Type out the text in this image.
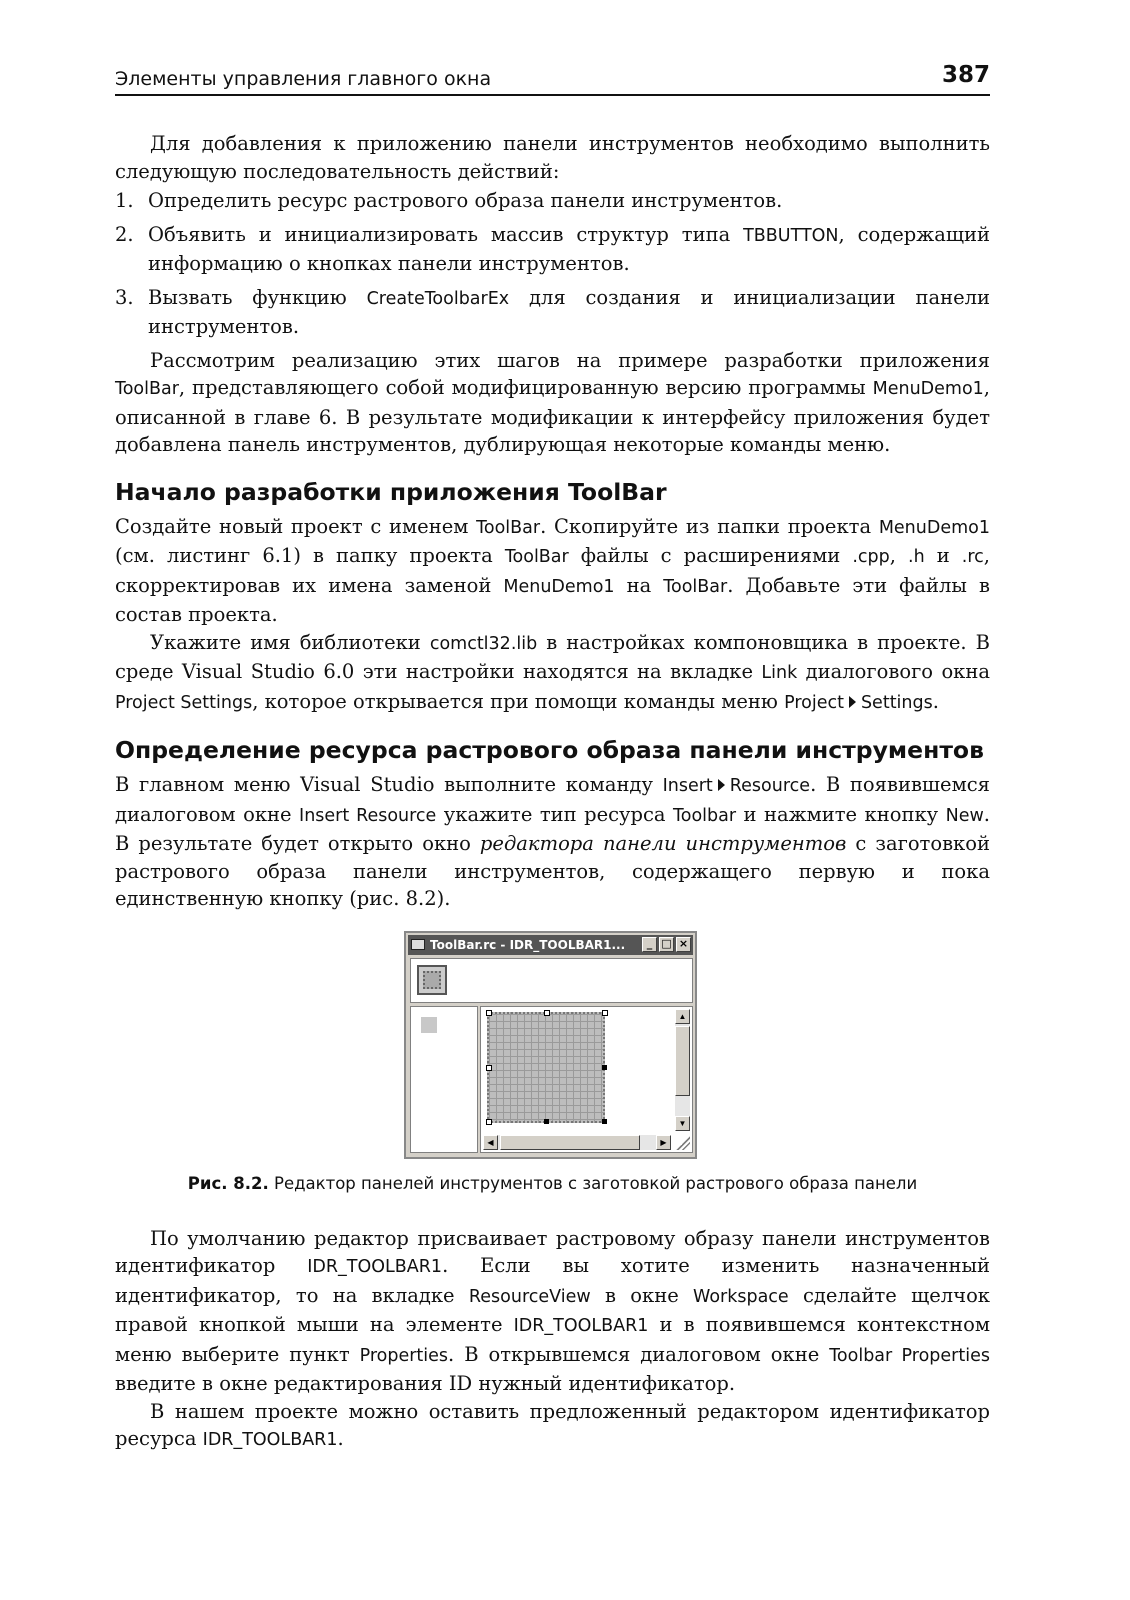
Элементы управления главного окна	387

Для добавления к приложению панели инструментов необходимо выполнить следующую последовательность действий:

1. Определить ресурс растрового образа панели инструментов.
2. Объявить и инициализировать массив структур типа TBBUTTON, содержащий информацию о кнопках панели инструментов.
3. Вызвать функцию CreateToolbarEx для создания и инициализации панели инструментов.

Рассмотрим реализацию этих шагов на примере разработки приложения ToolBar, представляющего собой модифицированную версию программы MenuDemo1, описанной в главе 6. В результате модификации к интерфейсу приложения будет добавлена панель инструментов, дублирующая некоторые команды меню.

Начало разработки приложения ToolBar

Создайте новый проект с именем ToolBar. Скопируйте из папки проекта MenuDemo1 (см. листинг 6.1) в папку проекта ToolBar файлы с расширениями .cpp, .h и .rc, скорректировав их имена заменой MenuDemo1 на ToolBar. Добавьте эти файлы в состав проекта.

Укажите имя библиотеки comctl32.lib в настройках компоновщика в проекте. В среде Visual Studio 6.0 эти настройки находятся на вкладке Link диалогового окна Project Settings, которое открывается при помощи команды меню Project Settings.

Определение ресурса растрового образа панели инструментов

В главном меню Visual Studio выполните команду Insert Resource. В появившемся диалоговом окне Insert Resource укажите тип ресурса Toolbar и нажмите кнопку New. В результате будет открыто окно редактора панели инструментов с заготовкой растрового образа панели инструментов, содержащего первую и пока единственную кнопку (рис. 8.2).

ToolBar.rc - IDR_TOOLBAR1...	_ □ ×
▲
▼
◀	▶

Рис. 8.2. Редактор панелей инструментов с заготовкой растрового образа панели

По умолчанию редактор присваивает растровому образу панели инструментов идентификатор IDR_TOOLBAR1. Если вы хотите изменить назначенный идентификатор, то на вкладке ResourceView в окне Workspace сделайте щелчок правой кнопкой мыши на элементе IDR_TOOLBAR1 и в появившемся контекстном меню выберите пункт Properties. В открывшемся диалоговом окне Toolbar Properties введите в окне редактирования ID нужный идентификатор.

В нашем проекте можно оставить предложенный редактором идентификатор ресурса IDR_TOOLBAR1.
